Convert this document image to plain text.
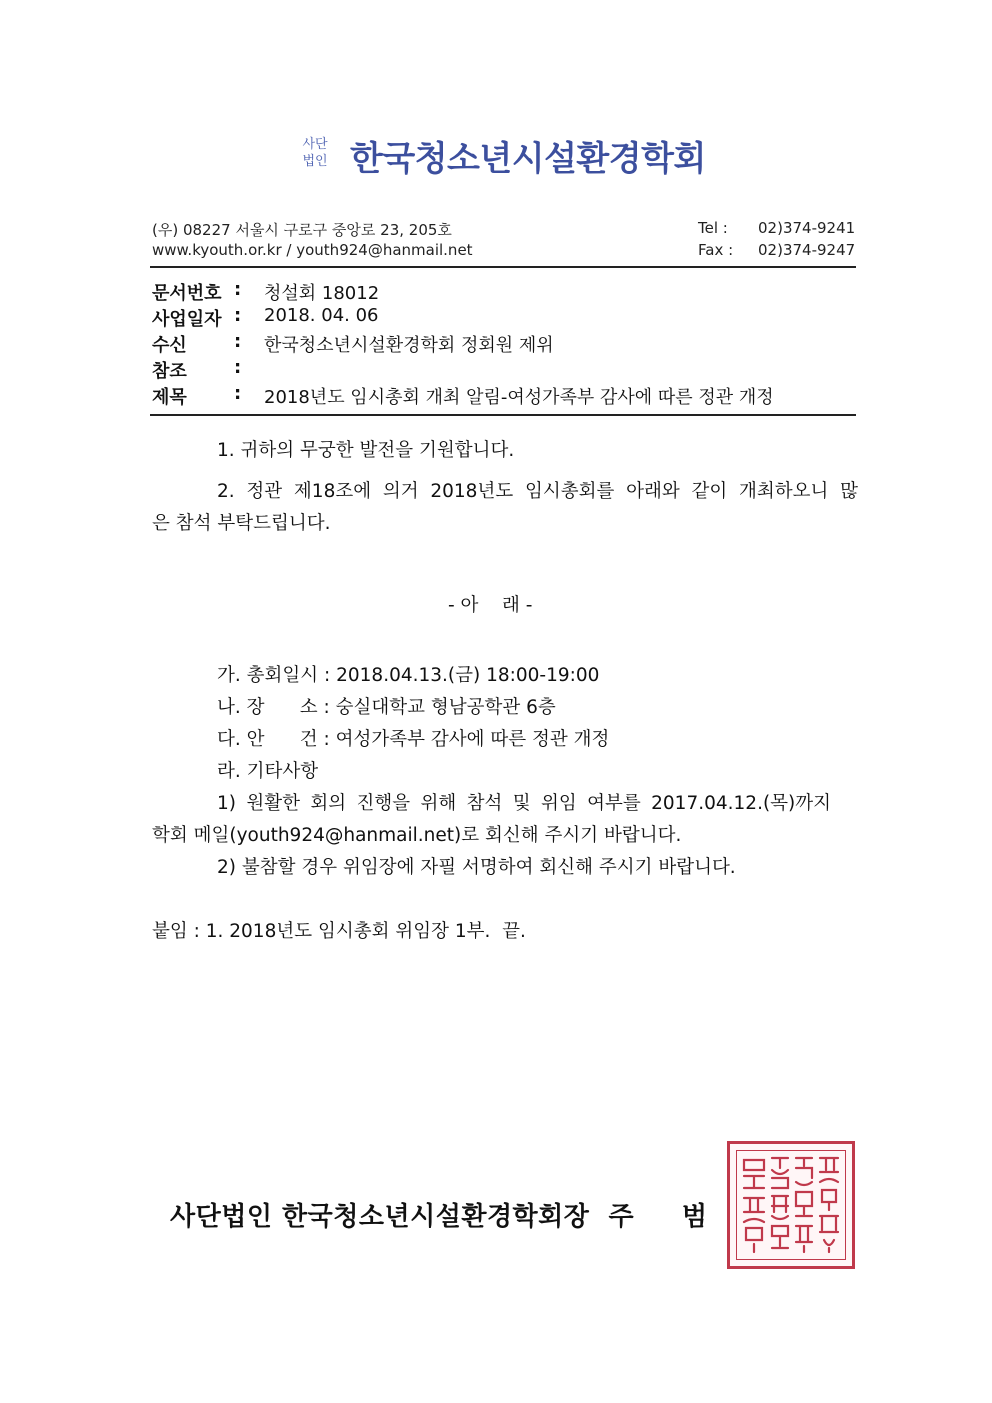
사단
법인 한국청소년시설환경학회
(우) 08227 서울시 구로구 중앙로 23, 205호
www.kyouth.or.kr / youth924@hanmail.net
Tel : 02)374-9241
Fax : 02)374-9247
문서번호 :	청설회 18012
사업일자 :	2018. 04. 06
수신	:	한국청소년시설환경학회 정회원 제위
참조	:
제목	:	2018년도 임시총회 개최 알림-여성가족부 감사에 따른 정관 개정
1. 귀하의 무궁한 발전을 기원합니다.
2. 정관 제18조에 의거 2018년도 임시총회를 아래와 같이 개최하오니 많
은 참석 부탁드립니다.
- 아    래 -
가. 총회일시 : 2018.04.13.(금) 18:00-19:00
나. 장      소 : 숭실대학교 형남공학관 6층
다. 안      건 : 여성가족부 감사에 따른 정관 개정
라. 기타사항
1) 원활한 회의 진행을 위해 참석 및 위임 여부를 2017.04.12.(목)까지
학회 메일(youth924@hanmail.net)로 회신해 주시기 바랍니다.
2) 불참할 경우 위임장에 자필 서명하여 회신해 주시기 바랍니다.
붙임 : 1. 2018년도 임시총회 위임장 1부.  끝.
사단법인 한국청소년시설환경학회장  주     범
